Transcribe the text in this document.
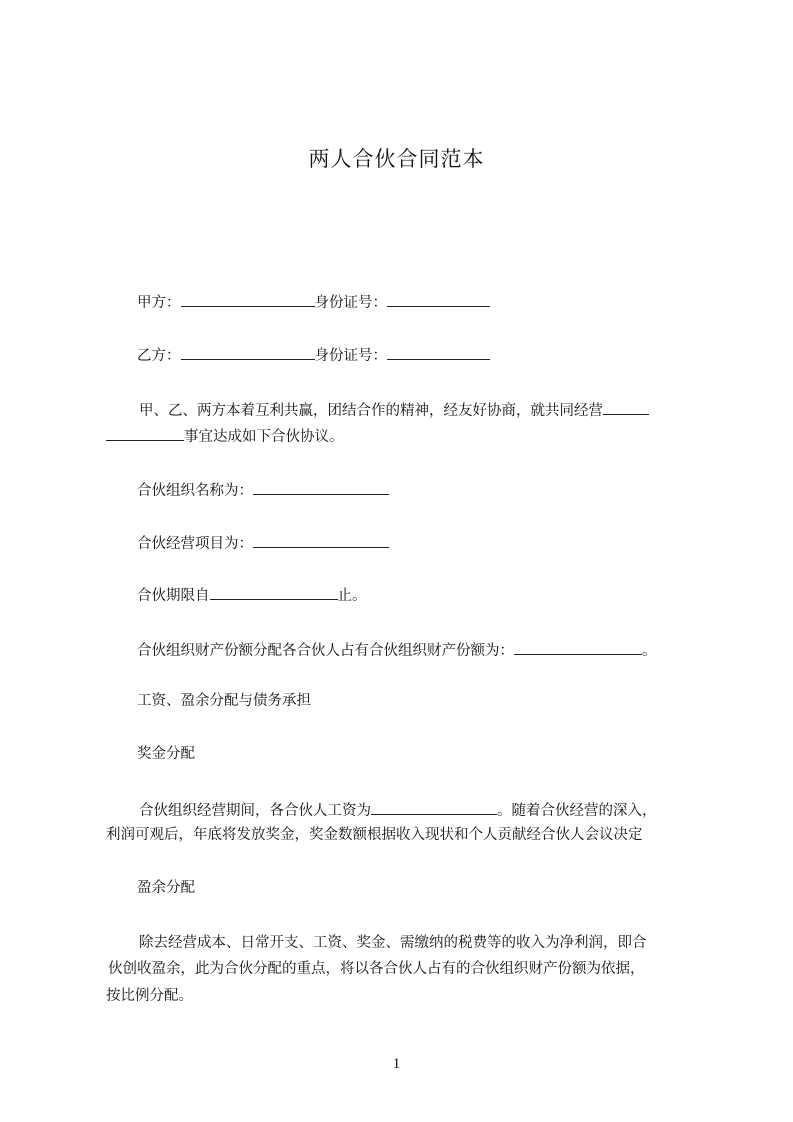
两人合伙合同范本
甲方：	身份证号：
乙方：	身份证号：
甲、乙、两方本着互利共赢，团结合作的精神，经友好协商，就共同经营
事宜达成如下合伙协议。
合伙组织名称为：
合伙经营项目为：
合伙期限自	止。
合伙组织财产份额分配各合伙人占有合伙组织财产份额为：	。
工资、盈余分配与债务承担
奖金分配
合伙组织经营期间，各合伙人工资为	。随着合伙经营的深入，
利润可观后，年底将发放奖金，奖金数额根据收入现状和个人贡献经合伙人会议决定
盈余分配
除去经营成本、日常开支、工资、奖金、需缴纳的税费等的收入为净利润，即合
伙创收盈余，此为合伙分配的重点，将以各合伙人占有的合伙组织财产份额为依据，
按比例分配。
1
